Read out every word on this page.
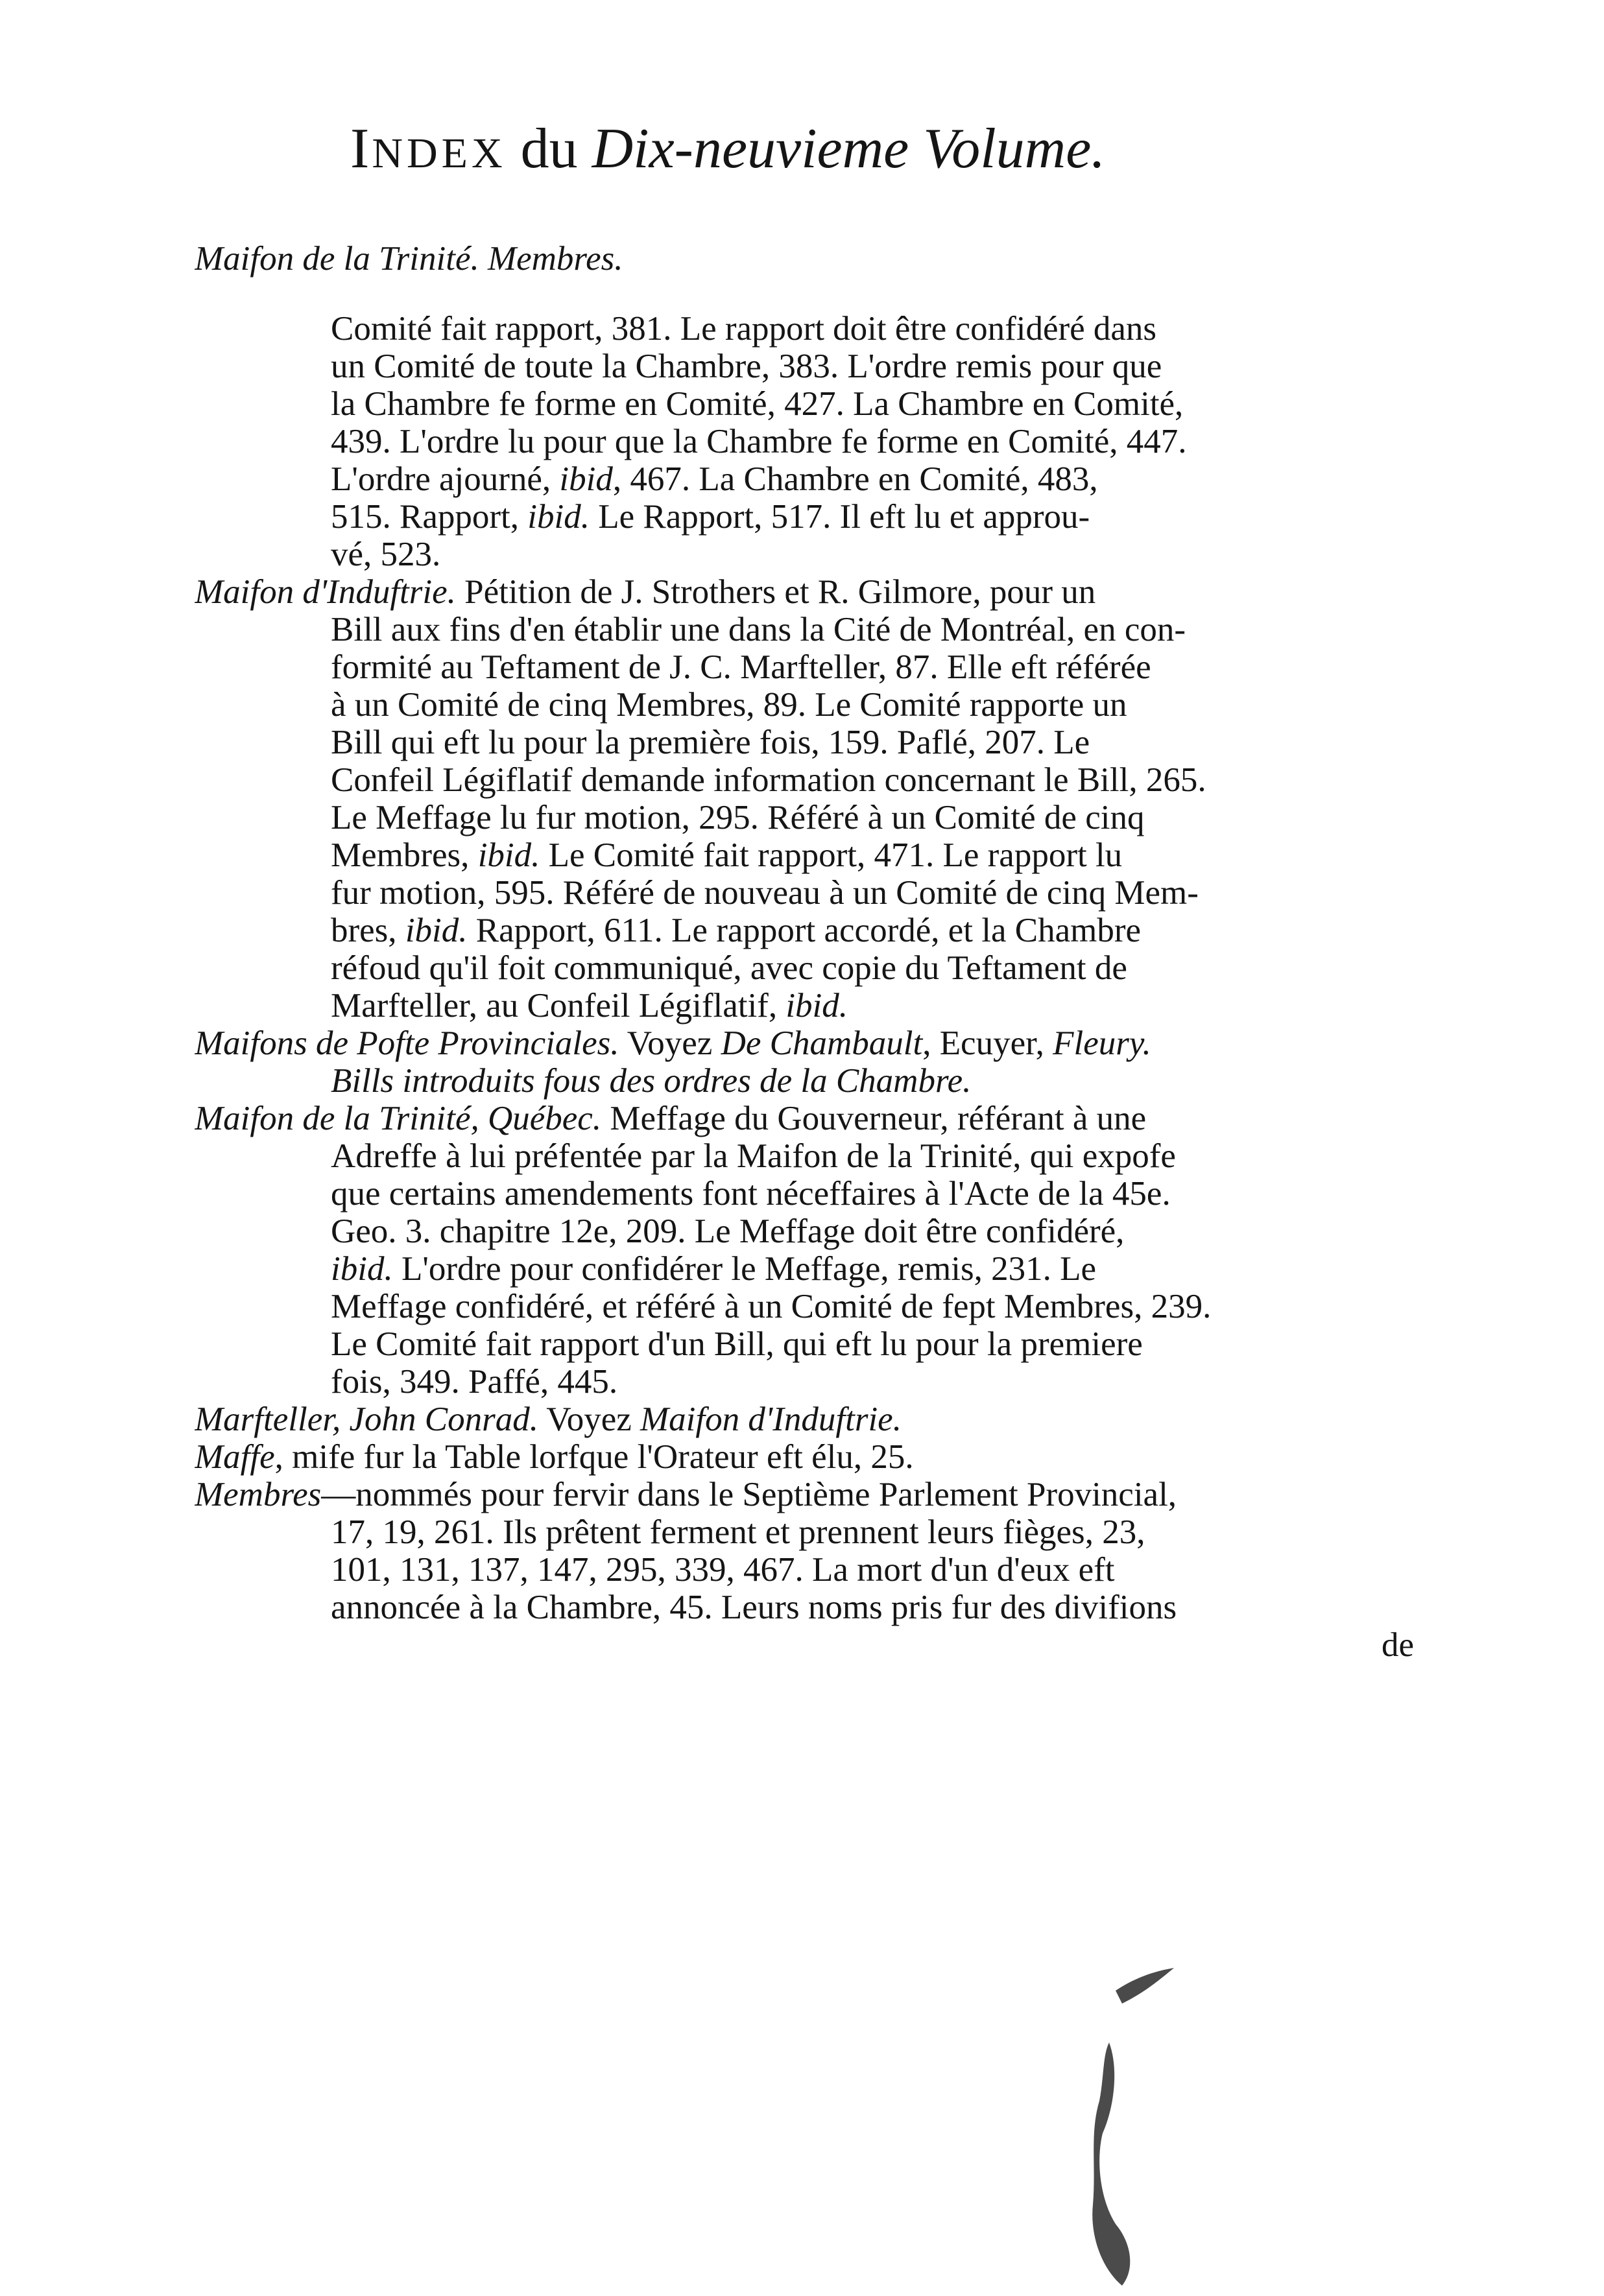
INDEX du Dix-neuvieme Volume.
Maifon de la Trinité. Membres.
Comité fait rapport, 381. Le rapport doit être confidéré dans
un Comité de toute la Chambre, 383. L'ordre remis pour que
la Chambre fe forme en Comité, 427. La Chambre en Comité,
439. L'ordre lu pour que la Chambre fe forme en Comité, 447.
L'ordre ajourné, ibid, 467. La Chambre en Comité, 483,
515. Rapport, ibid. Le Rapport, 517. Il eft lu et approu-
vé, 523.
Maifon d'Induftrie. Pétition de J. Strothers et R. Gilmore, pour un
Bill aux fins d'en établir une dans la Cité de Montréal, en con-
formité au Teftament de J. C. Marfteller, 87. Elle eft référée
à un Comité de cinq Membres, 89. Le Comité rapporte un
Bill qui eft lu pour la première fois, 159. Paflé, 207. Le
Confeil Légiflatif demande information concernant le Bill, 265.
Le Meffage lu fur motion, 295. Référé à un Comité de cinq
Membres, ibid. Le Comité fait rapport, 471. Le rapport lu
fur motion, 595. Référé de nouveau à un Comité de cinq Mem-
bres, ibid. Rapport, 611. Le rapport accordé, et la Chambre
réfoud qu'il foit communiqué, avec copie du Teftament de
Marfteller, au Confeil Légiflatif, ibid.
Maifons de Pofte Provinciales. Voyez De Chambault, Ecuyer, Fleury.
Bills introduits fous des ordres de la Chambre.
Maifon de la Trinité, Québec. Meffage du Gouverneur, référant à une
Adreffe à lui préfentée par la Maifon de la Trinité, qui expofe
que certains amendements font néceffaires à l'Acte de la 45e.
Geo. 3. chapitre 12e, 209. Le Meffage doit être confidéré,
ibid. L'ordre pour confidérer le Meffage, remis, 231. Le
Meffage confidéré, et référé à un Comité de fept Membres, 239.
Le Comité fait rapport d'un Bill, qui eft lu pour la premiere
fois, 349. Paffé, 445.
Marfteller, John Conrad. Voyez Maifon d'Induftrie.
Maffe, mife fur la Table lorfque l'Orateur eft élu, 25.
Membres—nommés pour fervir dans le Septième Parlement Provincial,
17, 19, 261. Ils prêtent ferment et prennent leurs fièges, 23,
101, 131, 137, 147, 295, 339, 467. La mort d'un d'eux eft
annoncée à la Chambre, 45. Leurs noms pris fur des divifions
de
